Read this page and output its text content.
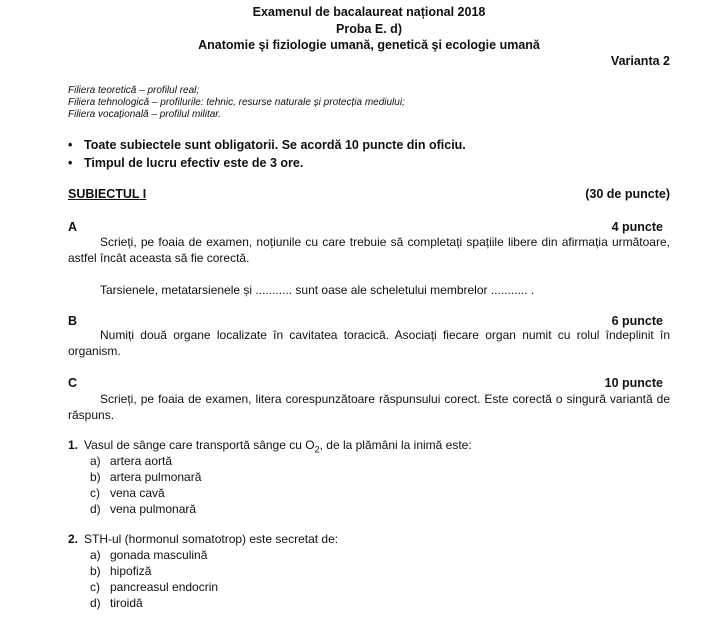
Examenul de bacalaureat național 2018
Proba E. d)
Anatomie şi fiziologie umană, genetică şi ecologie umană
Varianta 2
Filiera teoretică – profilul real;
Filiera tehnologică – profilurile: tehnic, resurse naturale și protecția mediului;
Filiera vocațională – profilul militar.
• Toate subiectele sunt obligatorii. Se acordă 10 puncte din oficiu.
• Timpul de lucru efectiv este de 3 ore.
SUBIECTUL I	(30 de puncte)
A	4 puncte
Scrieți, pe foaia de examen, noțiunile cu care trebuie să completați spațiile libere din afirmația următoare, astfel încât aceasta să fie corectă.
Tarsienele, metatarsienele și ........... sunt oase ale scheletului membrelor ........... .
B	6 puncte
Numiți două organe localizate în cavitatea toracică. Asociați fiecare organ numit cu rolul îndeplinit în organism.
C	10 puncte
Scrieți, pe foaia de examen, litera corespunzătoare răspunsului corect. Este corectă o singură variantă de răspuns.
1. Vasul de sânge care transportă sânge cu $O_2$, de la plămâni la inimă este:
a) artera aortă
b) artera pulmonară
c) vena cavă
d) vena pulmonară
2. STH-ul (hormonul somatotrop) este secretat de:
a) gonada masculină
b) hipofiză
c) pancreasul endocrin
d) tiroidă
